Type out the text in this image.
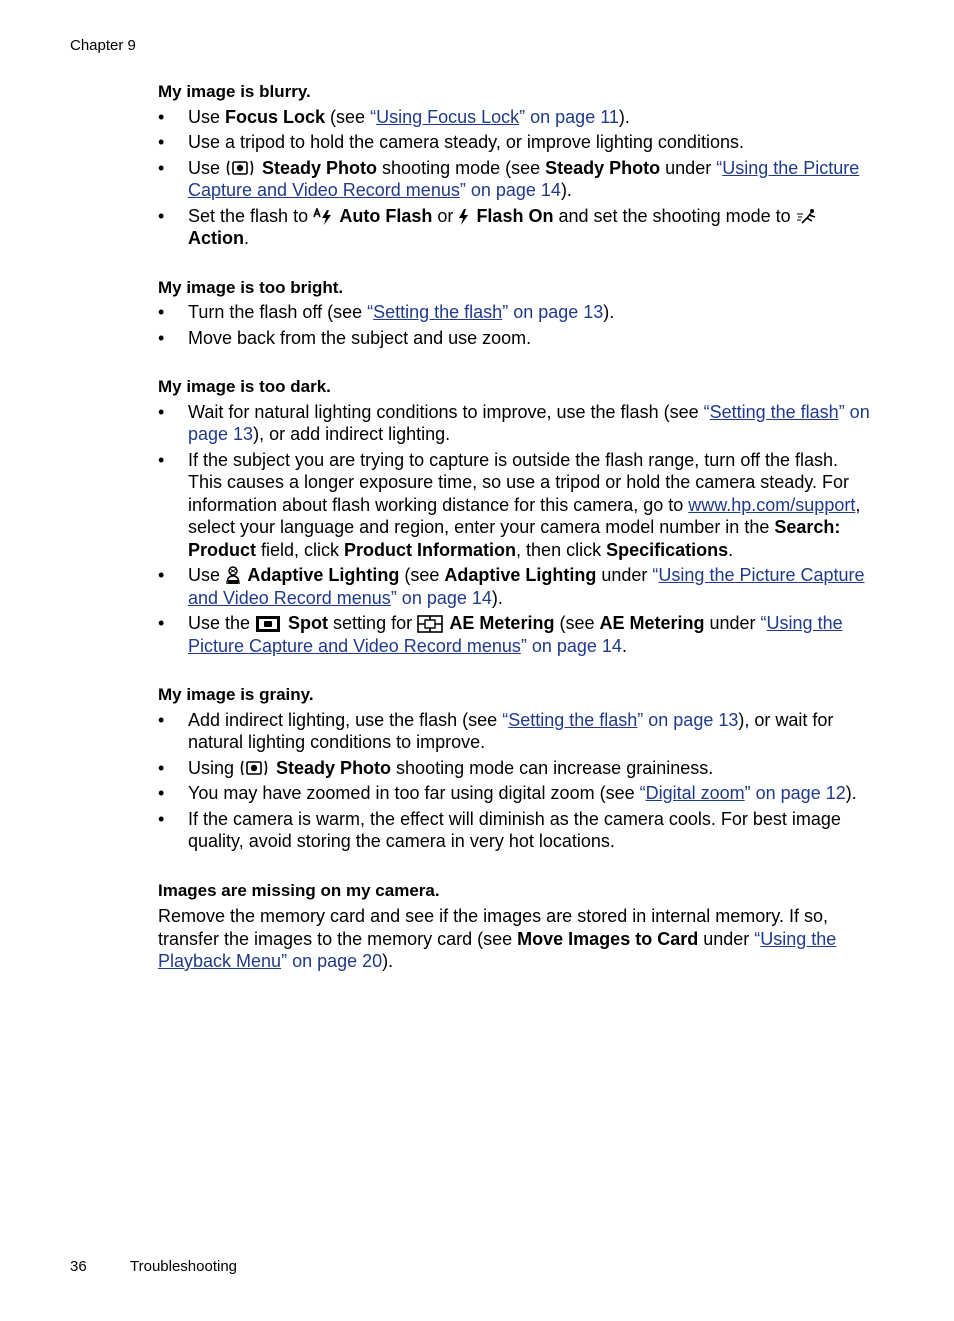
Chapter 9
My image is blurry.
•	Use Focus Lock (see “Using Focus Lock” on page 11).
•	Use a tripod to hold the camera steady, or improve lighting conditions.
•	Use
Steady Photo shooting mode (see Steady Photo under “Using the Picture Capture and Video Record menus” on page 14).
•	Set the flash to
Auto Flash or
Flash On and set the shooting mode to
Action.
My image is too bright.
•	Turn the flash off (see “Setting the flash” on page 13).
•	Move back from the subject and use zoom.
My image is too dark.
•	Wait for natural lighting conditions to improve, use the flash (see “Setting the flash” on page 13), or add indirect lighting.
•	If the subject you are trying to capture is outside the flash range, turn off the flash. This causes a longer exposure time, so use a tripod or hold the camera steady. For information about flash working distance for this camera, go to www.hp.com/support, select your language and region, enter your camera model number in the Search: Product field, click Product Information, then click Specifications.
•	Use
Adaptive Lighting (see Adaptive Lighting under “Using the Picture Capture and Video Record menus” on page 14).
•	Use the
Spot setting for
AE Metering (see AE Metering under “Using the Picture Capture and Video Record menus” on page 14.
My image is grainy.
•	Add indirect lighting, use the flash (see “Setting the flash” on page 13), or wait for natural lighting conditions to improve.
•	Using
Steady Photo shooting mode can increase graininess.
•	You may have zoomed in too far using digital zoom (see “Digital zoom” on page 12).
•	If the camera is warm, the effect will diminish as the camera cools. For best image quality, avoid storing the camera in very hot locations.
Images are missing on my camera.
Remove the memory card and see if the images are stored in internal memory. If so, transfer the images to the memory card (see Move Images to Card under “Using the Playback Menu” on page 20).
36	Troubleshooting
